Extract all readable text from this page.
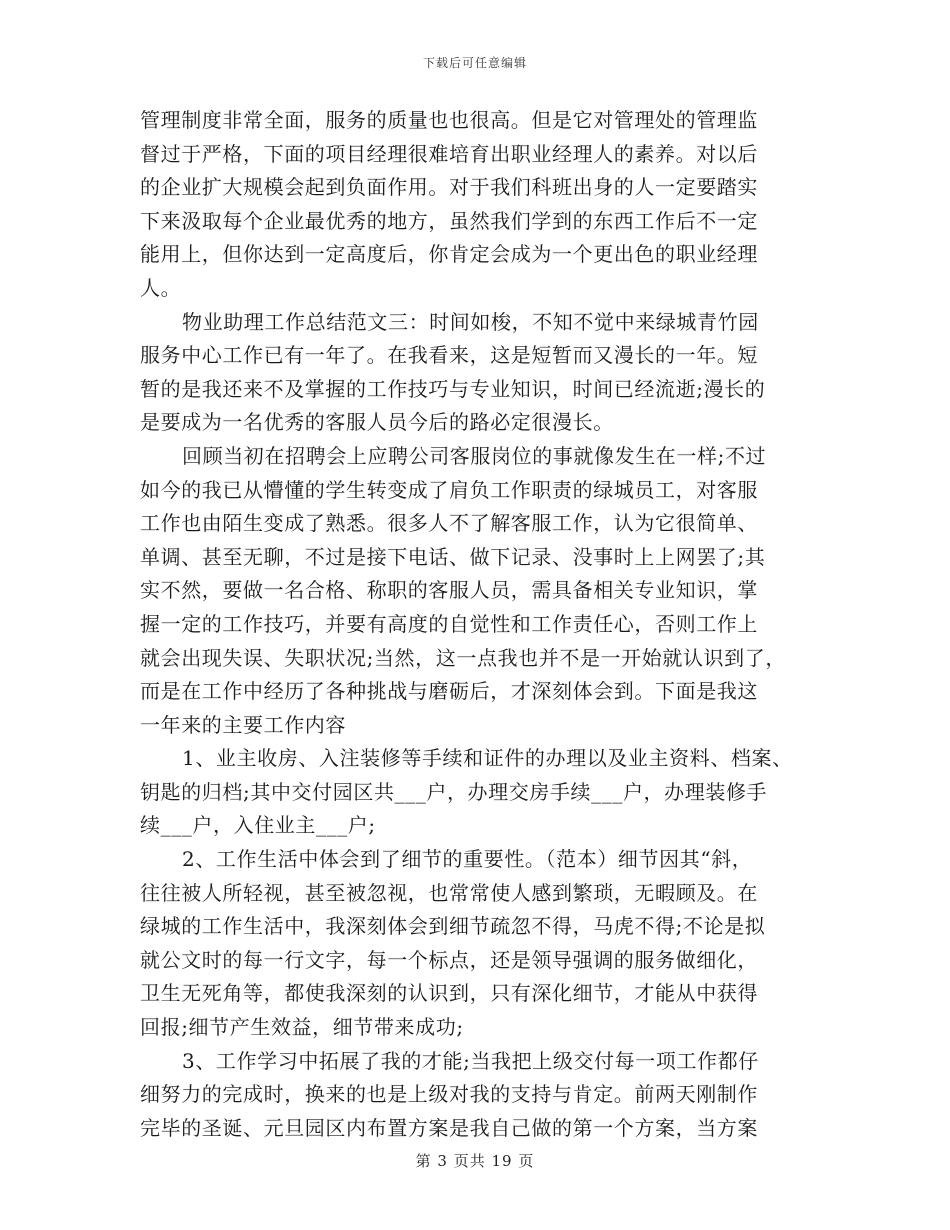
下载后可任意编辑
管理制度非常全面，服务的质量也也很高。但是它对管理处的管理监
督过于严格，下面的项目经理很难培育出职业经理人的素养。对以后
的企业扩大规模会起到负面作用。对于我们科班出身的人一定要踏实
下来汲取每个企业最优秀的地方，虽然我们学到的东西工作后不一定
能用上，但你达到一定高度后，你肯定会成为一个更出色的职业经理
人。
物业助理工作总结范文三：时间如梭，不知不觉中来绿城青竹园
服务中心工作已有一年了。在我看来，这是短暂而又漫长的一年。短
暂的是我还来不及掌握的工作技巧与专业知识，时间已经流逝;漫长的
是要成为一名优秀的客服人员今后的路必定很漫长。
回顾当初在招聘会上应聘公司客服岗位的事就像发生在一样;不过
如今的我已从懵懂的学生转变成了肩负工作职责的绿城员工，对客服
工作也由陌生变成了熟悉。很多人不了解客服工作，认为它很简单、
单调、甚至无聊，不过是接下电话、做下记录、没事时上上网罢了;其
实不然，要做一名合格、称职的客服人员，需具备相关专业知识，掌
握一定的工作技巧，并要有高度的自觉性和工作责任心，否则工作上
就会出现失误、失职状况;当然，这一点我也并不是一开始就认识到了，
而是在工作中经历了各种挑战与磨砺后，才深刻体会到。下面是我这
一年来的主要工作内容
1、业主收房、入注装修等手续和证件的办理以及业主资料、档案、
钥匙的归档;其中交付园区共___户，办理交房手续___户，办理装修手
续___户，入住业主___户;
2、工作生活中体会到了细节的重要性。（范本）细节因其“斜，
往往被人所轻视，甚至被忽视，也常常使人感到繁琐，无暇顾及。在
绿城的工作生活中，我深刻体会到细节疏忽不得，马虎不得;不论是拟
就公文时的每一行文字，每一个标点，还是领导强调的服务做细化，
卫生无死角等，都使我深刻的认识到，只有深化细节，才能从中获得
回报;细节产生效益，细节带来成功;
3、工作学习中拓展了我的才能;当我把上级交付每一项工作都仔
细努力的完成时，换来的也是上级对我的支持与肯定。前两天刚制作
完毕的圣诞、元旦园区内布置方案是我自己做的第一个方案，当方案
第 3 页共 19 页
